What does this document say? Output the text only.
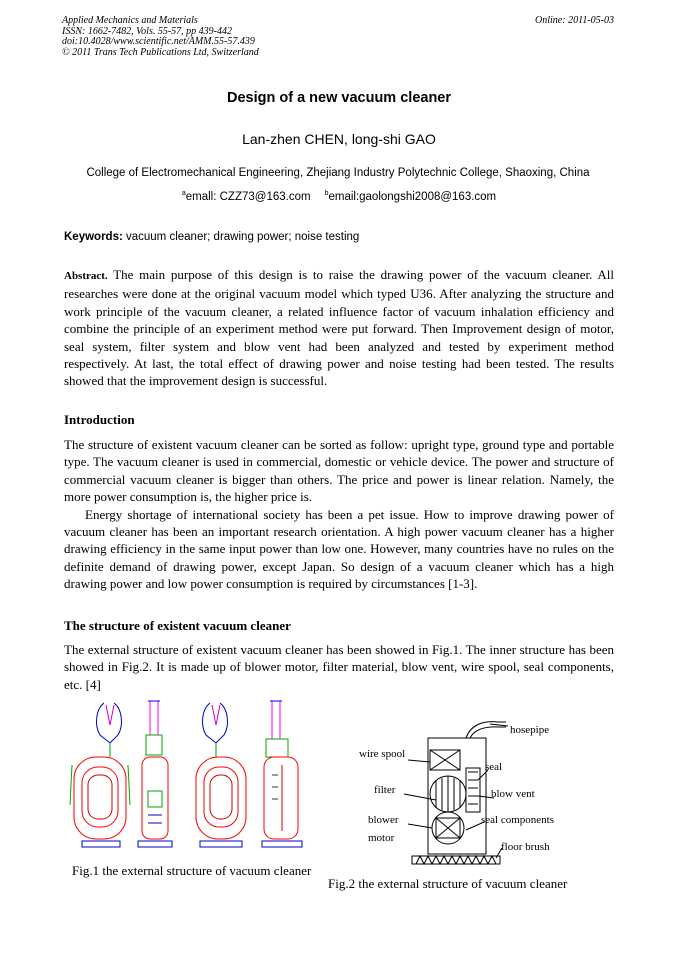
Applied Mechanics and Materials
ISSN: 1662-7482, Vols. 55-57, pp 439-442
doi:10.4028/www.scientific.net/AMM.55-57.439
© 2011 Trans Tech Publications Ltd, Switzerland
Online: 2011-05-03
Design of a new vacuum cleaner
Lan-zhen CHEN, long-shi GAO
College of Electromechanical Engineering, Zhejiang Industry Polytechnic College, Shaoxing, China
$^a$emall: CZZ73@163.com $^b$email:gaolongshi2008@163.com
Keywords: vacuum cleaner; drawing power; noise testing
Abstract. The main purpose of this design is to raise the drawing power of the vacuum cleaner. All researches were done at the original vacuum model which typed U36. After analyzing the structure and work principle of the vacuum cleaner, a related influence factor of vacuum inhalation efficiency and combine the principle of an experiment method were put forward. Then Improvement design of motor, seal system, filter system and blow vent had been analyzed and tested by experiment method respectively. At last, the total effect of drawing power and noise testing had been tested. The results showed that the improvement design is successful.
Introduction

The structure of existent vacuum cleaner can be sorted as follow: upright type, ground type and portable type. The vacuum cleaner is used in commercial, domestic or vehicle device. The power and structure of commercial vacuum cleaner is bigger than others. The price and power is linear relation. Namely, the more power consumption is, the higher price is.

Energy shortage of international society has been a pet issue. How to improve drawing power of vacuum cleaner has been an important research orientation. A high power vacuum cleaner has a higher drawing efficiency in the same input power than low one. However, many countries have no rules on the definite demand of drawing power, except Japan. So design of a vacuum cleaner which has a high drawing power and low power consumption is required by circumstances [1-3].

The structure of existent vacuum cleaner

The external structure of existent vacuum cleaner has been showed in Fig.1. The inner structure has been showed in Fig.2. It is made up of blower motor, filter material, blow vent, wire spool, seal components, etc. [4]

Fig.1 the external structure of vacuum cleaner
hosepipe
wire spool
seal
filter	blow vent
blower	seal components
motor
floor brush
Fig.2 the external structure of vacuum cleaner
